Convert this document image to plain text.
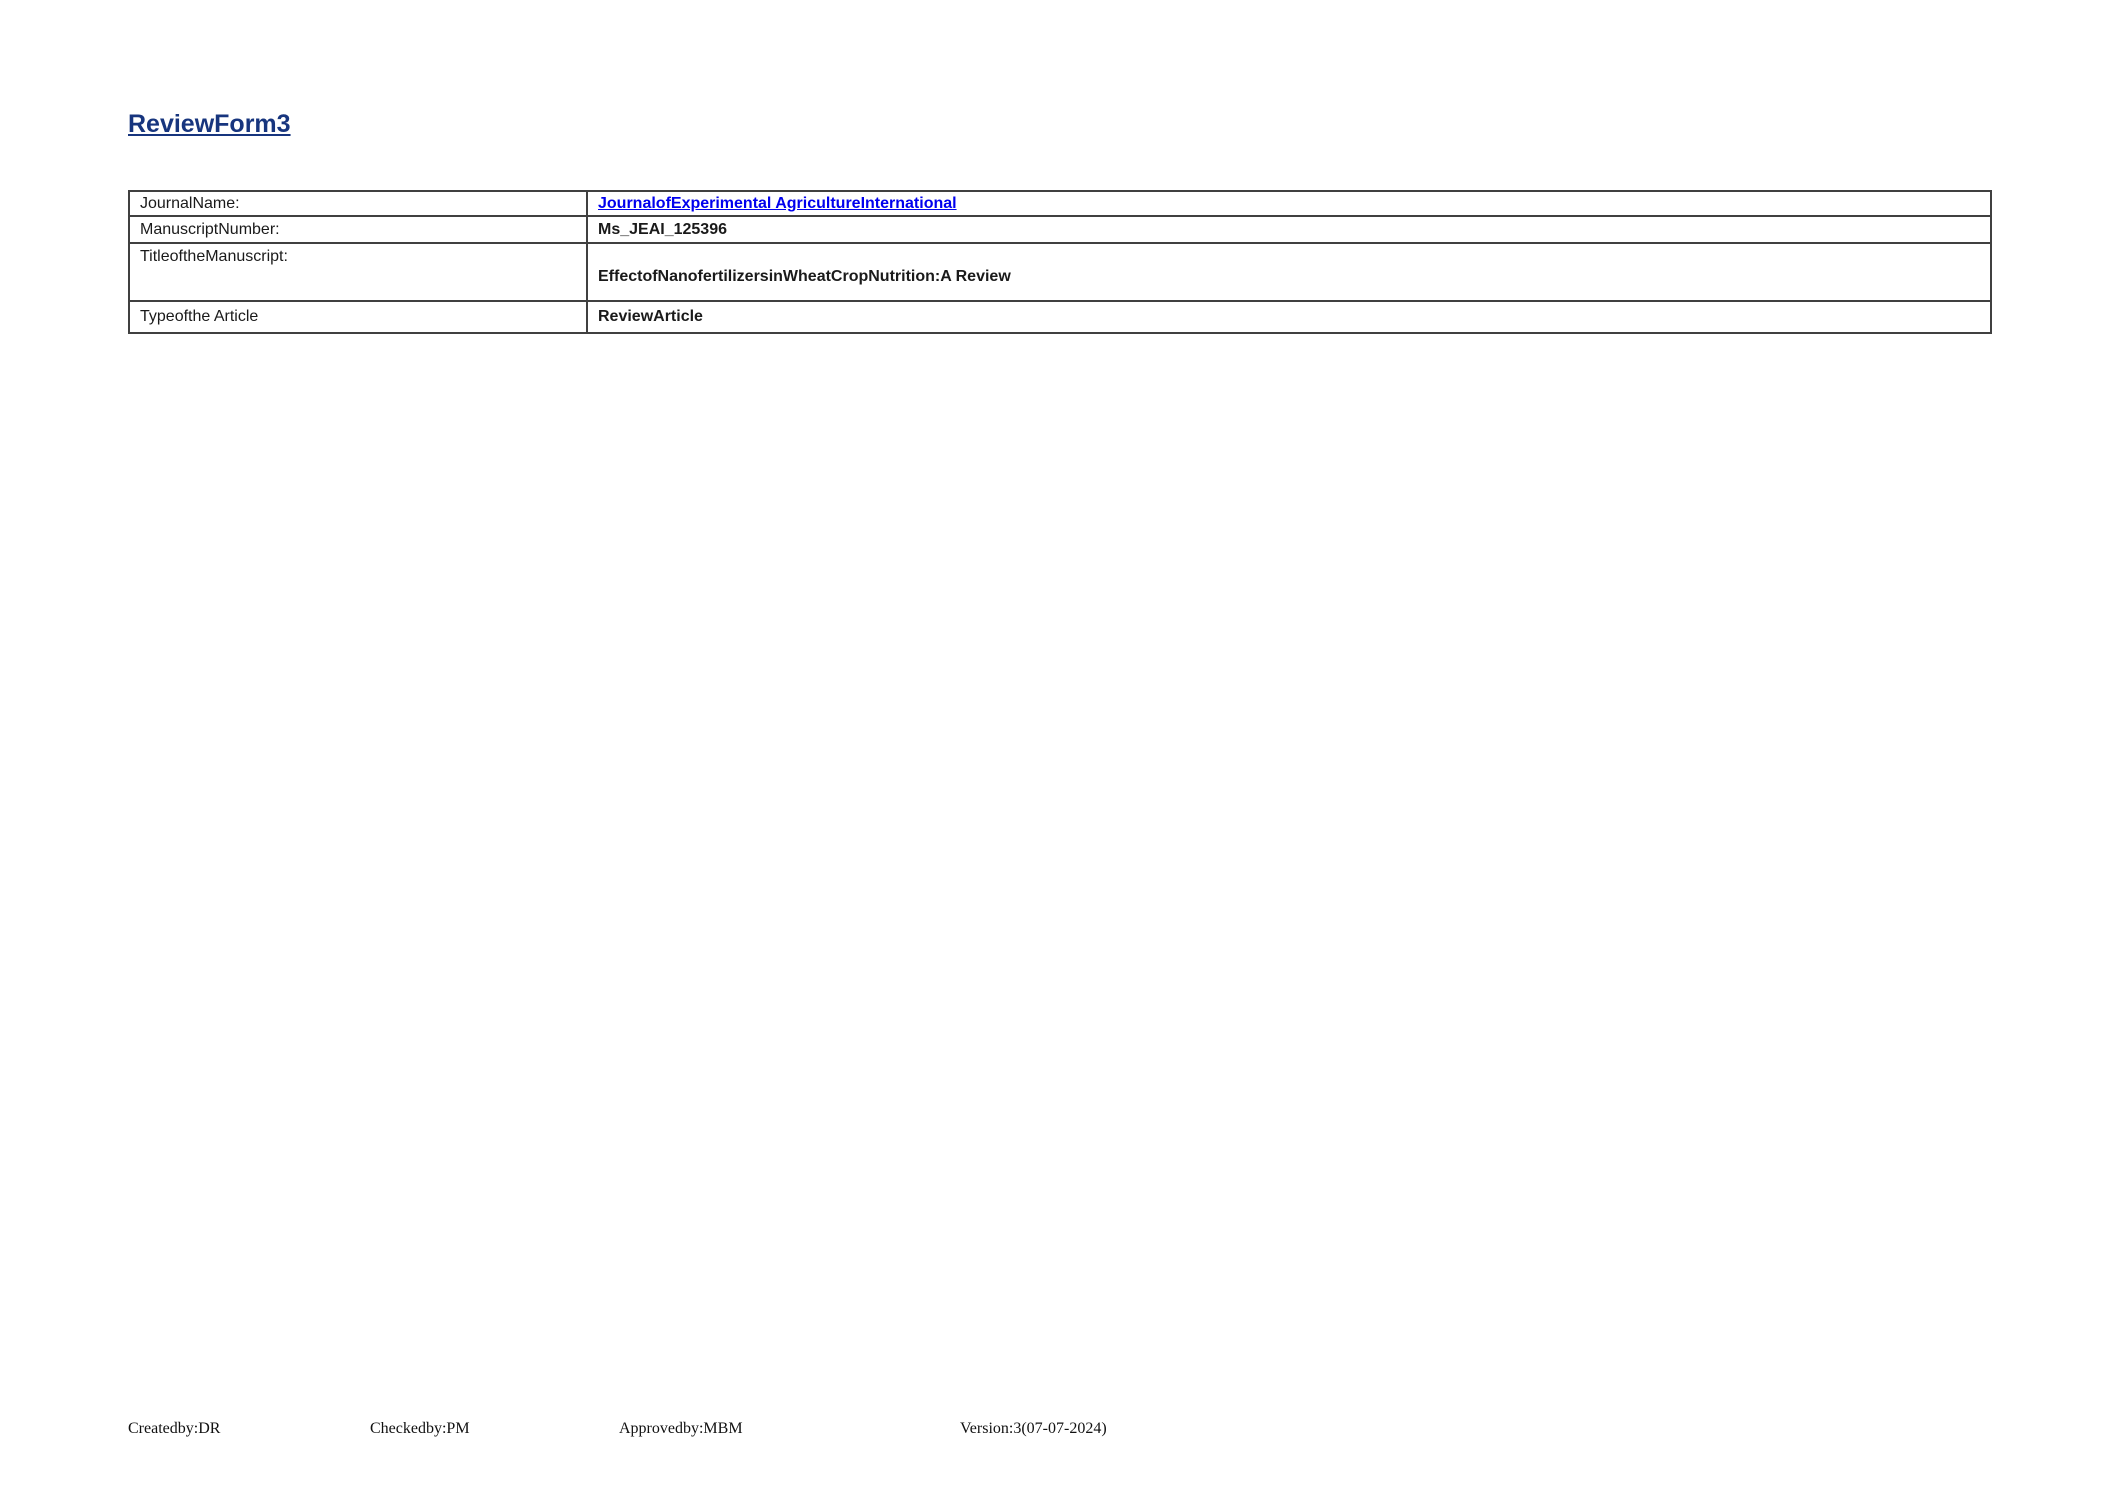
ReviewForm3
JournalName:	JournalofExperimental AgricultureInternational
ManuscriptNumber:	Ms_JEAI_125396
TitleoftheManuscript:	EffectofNanofertilizersinWheatCropNutrition:A Review
Typeofthe Article	ReviewArticle
Createdby:DR	Checkedby:PM	Approvedby:MBM	Version:3(07-07-2024)
